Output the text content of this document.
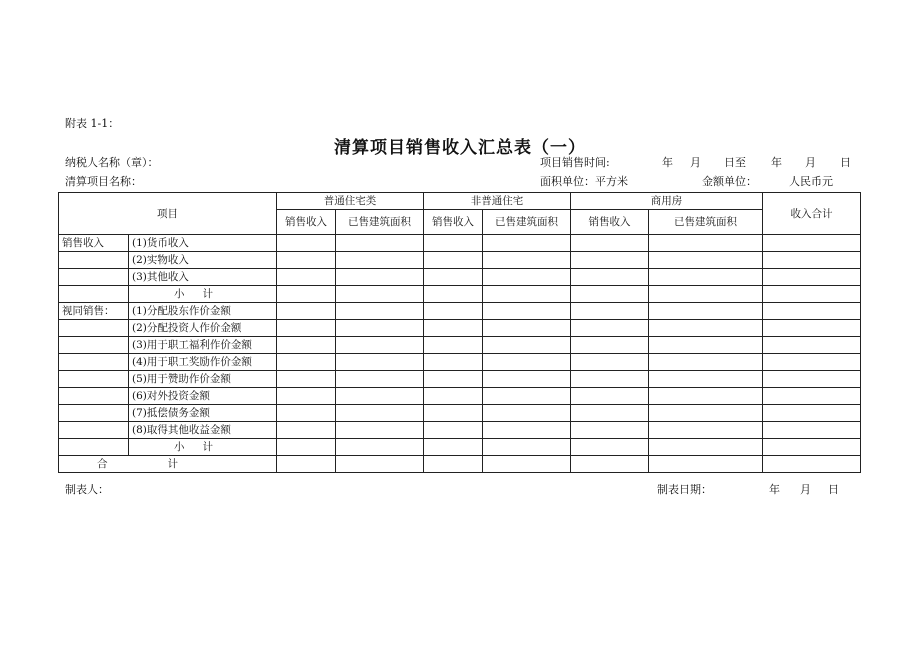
附表 1-1：
清算项目销售收入汇总表（一）
纳税人名称（章）：	项目销售时间:	年 月 日至 年 月 日
清算项目名称：	面积单位：平方米	金额单位：	人民币元
项目		普通住宅类		非普通住宅		商用房		收入合计
		销售收入	已售建筑面积	销售收入	已售建筑面积	销售收入	已售建筑面积	
销售收入	(1)货币收入							
	(2)实物收入							
	(3)其他收入							
	小计							
视同销售：	(1)分配股东作价金额							
	(2)分配投资人作价金额							
	(3)用于职工福利作价金额							
	(4)用于职工奖励作价金额							
	(5)用于赞助作价金额							
	(6)对外投资金额							
	(7)抵偿债务金额							
	(8)取得其他收益金额							
	小计							
合计								
制表人：	制表日期：	年 月 日
